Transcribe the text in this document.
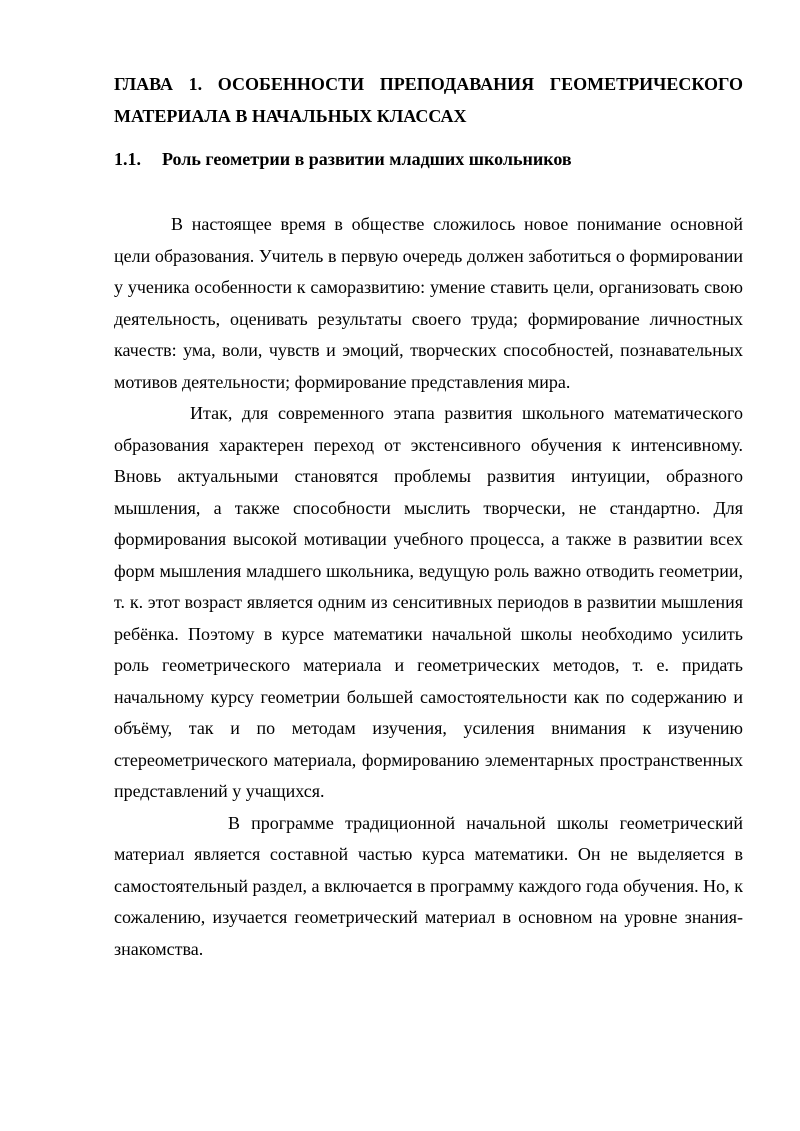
ГЛАВА 1. ОСОБЕННОСТИ ПРЕПОДАВАНИЯ ГЕОМЕТРИЧЕСКОГО МАТЕРИАЛА В НАЧАЛЬНЫХ КЛАССАХ
1.1.	Роль геометрии в развитии младших школьников

В настоящее время в обществе сложилось новое понимание основной цели образования. Учитель в первую очередь должен заботиться о формировании у ученика особенности к саморазвитию: умение ставить цели, организовать свою деятельность, оценивать результаты своего труда; формирование личностных качеств: ума, воли, чувств и эмоций, творческих способностей, познавательных мотивов деятельности; формирование представления мира.

Итак, для современного этапа развития школьного математического образования характерен переход от экстенсивного обучения к интенсивному. Вновь актуальными становятся проблемы развития интуиции, образного мышления, а также способности мыслить творчески, не стандартно. Для формирования высокой мотивации учебного процесса, а также в развитии всех форм мышления младшего школьника, ведущую роль важно отводить геометрии, т. к. этот возраст является одним из сенситивных периодов в развитии мышления ребёнка. Поэтому в курсе математики начальной школы необходимо усилить роль геометрического материала и геометрических методов, т. е. придать начальному курсу геометрии большей самостоятельности как по содержанию и объёму, так и по методам изучения, усиления внимания к изучению стереометрического материала, формированию элементарных пространственных представлений у учащихся.

В программе традиционной начальной школы геометрический материал является составной частью курса математики. Он не выделяется в самостоятельный раздел, а включается в программу каждого года обучения. Но, к сожалению, изучается геометрический материал в основном на уровне знания-знакомства.
